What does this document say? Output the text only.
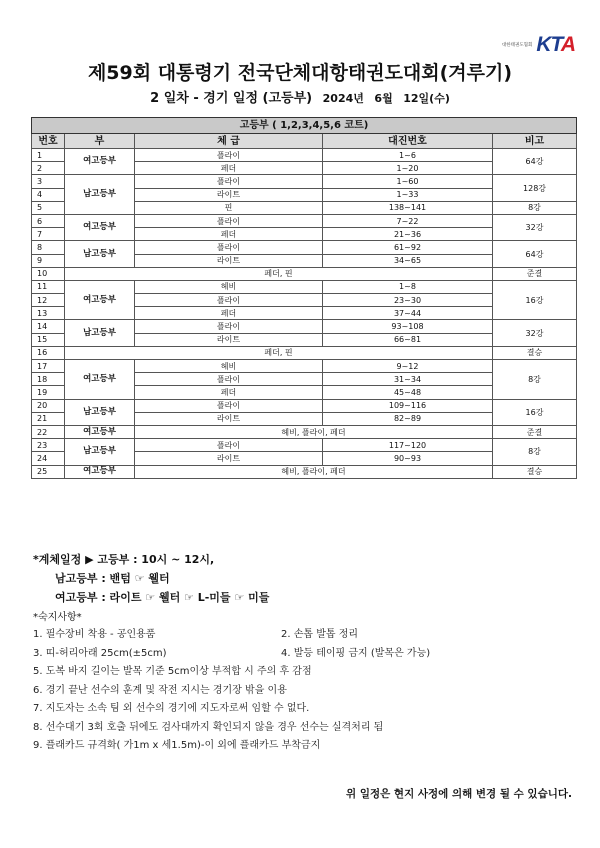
대한태권도협회 KTA
제59회 대통령기 전국단체대항태권도대회(겨루기)
2 일차 - 경기 일정 (고등부) 2024년 6월 12일(수)
고등부 ( 1,2,3,4,5,6 코트)				
번호	부	체 급	대진번호	비고
1	여고등부	플라이	1~6	64강
2		페더	1~20	
3	남고등부	플라이	1~60	128강
4		라이트	1~33	
5		핀	138~141	8강
6	여고등부	플라이	7~22	32강
7		페더	21~36	
8	남고등부	플라이	61~92	64강
9		라이트	34~65	
10	페더, 핀			준결
11	여고등부	헤비	1~8	16강
12		플라이	23~30	
13		페더	37~44	
14	남고등부	플라이	93~108	32강
15		라이트	66~81	
16	페더, 핀			결승
17	여고등부	헤비	9~12	8강
18		플라이	31~34	
19		페더	45~48	
20	남고등부	플라이	109~116	16강
21		라이트	82~89	
22	여고등부	헤비, 플라이, 페더		준결
23	남고등부	플라이	117~120	8강
24		라이트	90~93	
25	여고등부	헤비, 플라이, 페더		결승
*계체일정 ▶ 고등부 : 10시 ~ 12시,
남고등부 : 밴텀 ☞ 웰터
여고등부 : 라이트 ☞ 웰터 ☞ L-미들 ☞ 미들
*숙지사항*
1. 필수장비 착용 - 공인용품	2. 손톱 발톱 정리
3. 띠-허리아래 25cm(±5cm)	4. 발등 테이핑 금지 (발목은 가능)
5. 도복 바지 길이는 발목 기준 5cm이상 부적합 시 주의 후 감점
6. 경기 끝난 선수의 훈계 및 작전 지시는 경기장 밖을 이용
7. 지도자는 소속 팀 외 선수의 경기에 지도자로써 임할 수 없다.
8. 선수대기 3회 호출 뒤에도 검사대까지 확인되지 않을 경우 선수는 실격처리 됨
9. 플래카드 규격화( 가1m x 세1.5m)-이 외에 플래카드 부착금지
위 일정은 현지 사정에 의해 변경 될 수 있습니다.
